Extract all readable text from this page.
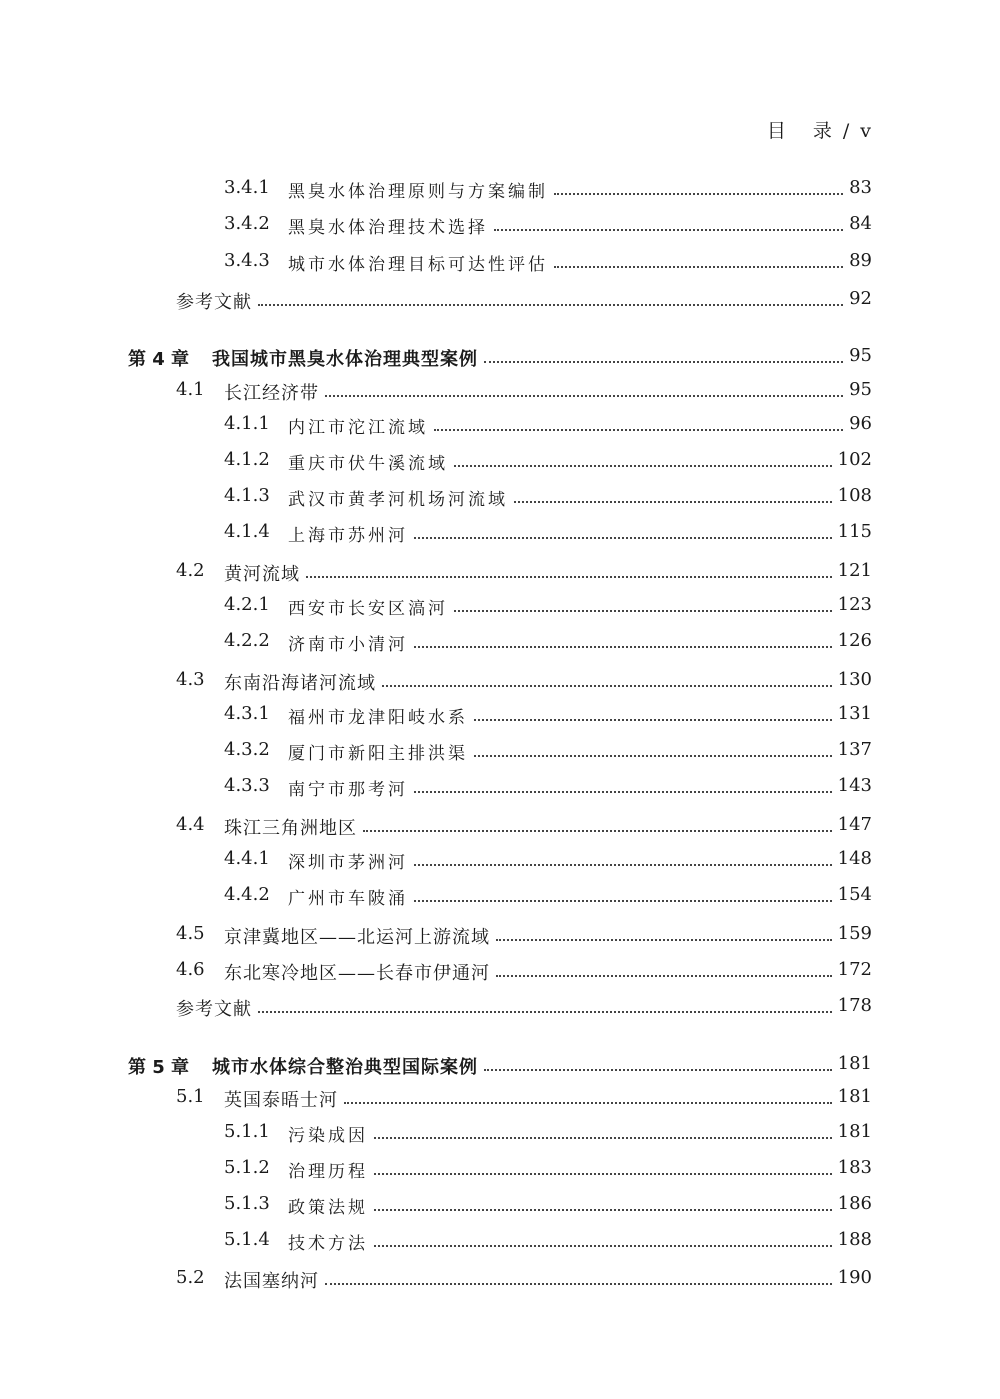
目 录 / v
3.4.1 黑臭水体治理原则与方案编制	83
3.4.2 黑臭水体治理技术选择	84
3.4.3 城市水体治理目标可达性评估	89
参考文献	92
第 4 章 我国城市黑臭水体治理典型案例	95
4.1 长江经济带	95
4.1.1 内江市沱江流域	96
4.1.2 重庆市伏牛溪流域	102
4.1.3 武汉市黄孝河机场河流域	108
4.1.4 上海市苏州河	115
4.2 黄河流域	121
4.2.1 西安市长安区滈河	123
4.2.2 济南市小清河	126
4.3 东南沿海诸河流域	130
4.3.1 福州市龙津阳岐水系	131
4.3.2 厦门市新阳主排洪渠	137
4.3.3 南宁市那考河	143
4.4 珠江三角洲地区	147
4.4.1 深圳市茅洲河	148
4.4.2 广州市车陂涌	154
4.5 京津冀地区——北运河上游流域	159
4.6 东北寒冷地区——长春市伊通河	172
参考文献	178
第 5 章 城市水体综合整治典型国际案例	181
5.1 英国泰晤士河	181
5.1.1 污染成因	181
5.1.2 治理历程	183
5.1.3 政策法规	186
5.1.4 技术方法	188
5.2 法国塞纳河	190
